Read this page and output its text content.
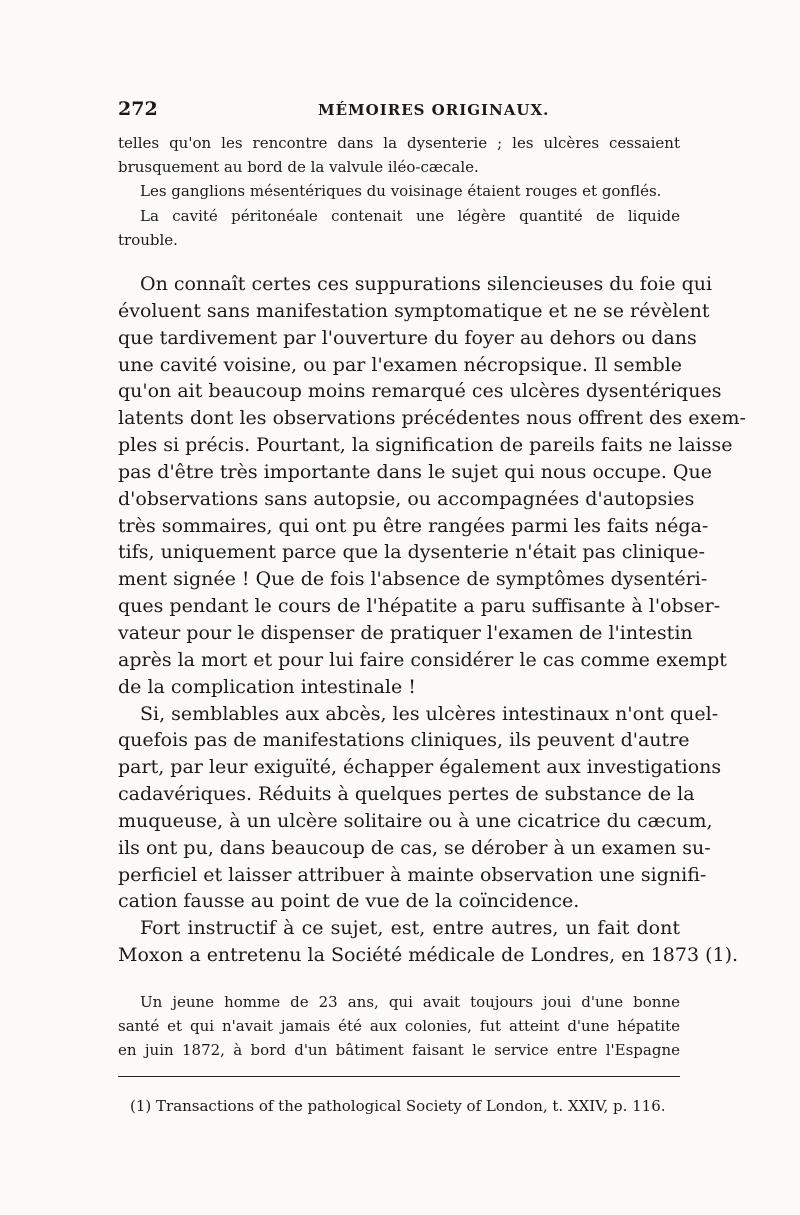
272	MÉMOIRES ORIGINAUX.
telles qu'on les rencontre dans la dysenterie ; les ulcères cessaient
brusquement au bord de la valvule iléo-cæcale.
Les ganglions mésentériques du voisinage étaient rouges et gonflés.
La cavité péritonéale contenait une légère quantité de liquide
trouble.
On connaît certes ces suppurations silencieuses du foie qui
évoluent sans manifestation symptomatique et ne se révèlent
que tardivement par l'ouverture du foyer au dehors ou dans
une cavité voisine, ou par l'examen nécropsique. Il semble
qu'on ait beaucoup moins remarqué ces ulcères dysentériques
latents dont les observations précédentes nous offrent des exem-
ples si précis. Pourtant, la signification de pareils faits ne laisse
pas d'être très importante dans le sujet qui nous occupe. Que
d'observations sans autopsie, ou accompagnées d'autopsies
très sommaires, qui ont pu être rangées parmi les faits néga-
tifs, uniquement parce que la dysenterie n'était pas clinique-
ment signée ! Que de fois l'absence de symptômes dysentéri-
ques pendant le cours de l'hépatite a paru suffisante à l'obser-
vateur pour le dispenser de pratiquer l'examen de l'intestin
après la mort et pour lui faire considérer le cas comme exempt
de la complication intestinale !
Si, semblables aux abcès, les ulcères intestinaux n'ont quel-
quefois pas de manifestations cliniques, ils peuvent d'autre
part, par leur exiguïté, échapper également aux investigations
cadavériques. Réduits à quelques pertes de substance de la
muqueuse, à un ulcère solitaire ou à une cicatrice du cæcum,
ils ont pu, dans beaucoup de cas, se dérober à un examen su-
perficiel et laisser attribuer à mainte observation une signifi-
cation fausse au point de vue de la coïncidence.
Fort instructif à ce sujet, est, entre autres, un fait dont
Moxon a entretenu la Société médicale de Londres, en 1873 (1).
Un jeune homme de 23 ans, qui avait toujours joui d'une bonne
santé et qui n'avait jamais été aux colonies, fut atteint d'une hépatite
en juin 1872, à bord d'un bâtiment faisant le service entre l'Espagne
(1) Transactions of the pathological Society of London, t. XXIV, p. 116.
